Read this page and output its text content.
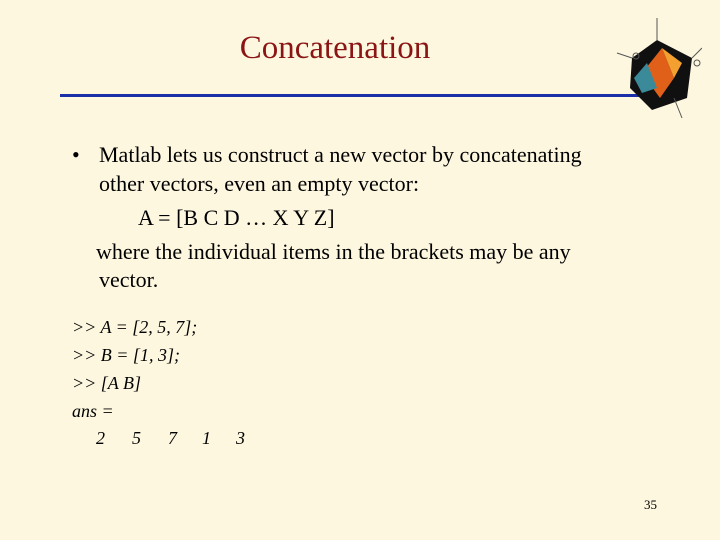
Concatenation
• Matlab lets us construct a new vector by concatenating
other vectors, even an empty vector:
A = [B C D … X Y Z]
where the individual items in the brackets may be any
vector.
>> A = [2, 5, 7];
>> B = [1, 3];
>> [A B]
ans =
2 5 7 1 3
35
